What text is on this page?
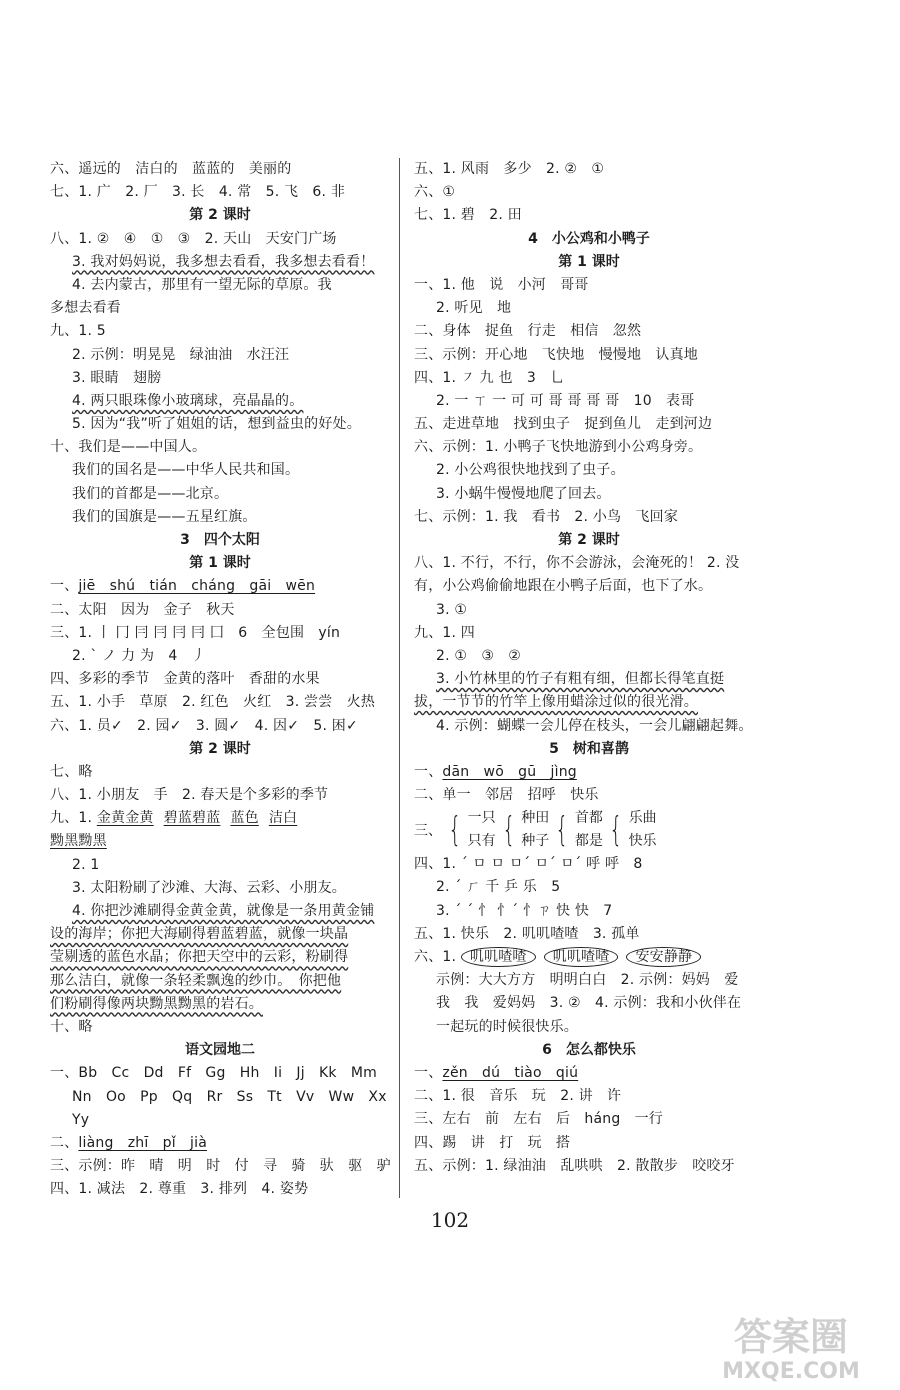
六、遥远的　洁白的　蓝蓝的　美丽的
七、1. 广　2. 厂　3. 长　4. 常　5. 飞　6. 非
第 2 课时
八、1. ②　④　①　③　2. 天山　天安门广场
3. 我对妈妈说，我多想去看看，我多想去看看！
4. 去内蒙古，那里有一望无际的草原。我
多想去看看
九、1. 5
2. 示例：明晃晃　绿油油　水汪汪
3. 眼睛　翅膀
4. 两只眼珠像小玻璃球，亮晶晶的。
5. 因为“我”听了姐姐的话，想到益虫的好处。
十、我们是——中国人。
我们的国名是——中华人民共和国。
我们的首都是——北京。
我们的国旗是——五星红旗。
3　四个太阳
第 1 课时
一、jiē　shú　tián　cháng　gāi　wēn
二、太阳　因为　金子　秋天
三、1. 丨 冂 冃 冃 冃 冃 囗　6　全包围　yín
2. ˋ ノ 力 为　4　丿
四、多彩的季节　金黄的落叶　香甜的水果
五、1. 小手　草原　2. 红色　火红　3. 尝尝　火热
六、1. 员✓　2. 园✓　3. 圆✓　4. 因✓　5. 困✓
第 2 课时
七、略
八、1. 小朋友　手　2. 春天是个多彩的季节
九、1. 金黄金黄 碧蓝碧蓝 蓝色 洁白
黝黑黝黑
2. 1
3. 太阳粉刷了沙滩、大海、云彩、小朋友。
4. 你把沙滩刷得金黄金黄，就像是一条用黄金铺
设的海岸；你把大海刷得碧蓝碧蓝，就像一块晶
莹剔透的蓝色水晶；你把天空中的云彩，粉刷得
那么洁白，就像一条轻柔飘逸的纱巾。　你把他
们粉刷得像两块黝黑黝黑的岩石。
十、略
语文园地二
一、Bb　Cc　Dd　Ff　Gg　Hh　Ii　Jj　Kk　Mm
Nn　Oo　Pp　Qq　Rr　Ss　Tt　Vv　Ww　Xx
Yy
二、liàng　zhī　pǐ　jià
三、示例：昨　晴　明　时　付　寻　骑　驮　驱　驴
四、1. 减法　2. 尊重　3. 排列　4. 姿势
五、1. 风雨　多少　2. ②　①
六、①
七、1. 碧　2. 田
4　小公鸡和小鸭子
第 1 课时
一、1. 他　说　小河　哥哥
2. 听见　地
二、身体　捉鱼　行走　相信　忽然
三、示例：开心地　飞快地　慢慢地　认真地
四、1. ㇇ 九 也　3　乚
2. 一 ㄒ 一 可 可 哥 哥 哥 哥　10　表哥
五、走进草地　找到虫子　捉到鱼儿　走到河边
六、示例：1. 小鸭子飞快地游到小公鸡身旁。
2. 小公鸡很快地找到了虫子。
3. 小蜗牛慢慢地爬了回去。
七、示例：1. 我　看书　2. 小鸟　飞回家
第 2 课时
八、1. 不行，不行，你不会游泳，会淹死的！ 2. 没
有，小公鸡偷偷地跟在小鸭子后面，也下了水。
3. ①
九、1. 四
2. ①　③　②
3. 小竹林里的竹子有粗有细，但都长得笔直挺
拔，一节节的竹竿上像用蜡涂过似的很光滑。
4. 示例：蝴蝶一会儿停在枝头，一会儿翩翩起舞。
5　树和喜鹊
一、dān　wō　gū　jìng
二、单一　邻居　招呼　快乐
三、 { 一只
只有 { 种田
种子 { 首都
都是 { 乐曲
快乐
四、1. ˊ ㅁ ㅁ ㅁˊ ㅁˊ ㅁˊ 呼 呼　8
2. ˊ ㄏ 千 乒 乐　5
3. ˊ ˊ 忄 忄ˊ 忄ㄗ 快 快　7
五、1. 快乐　2. 叽叽喳喳　3. 孤单
六、1. 叽叽喳喳 叽叽喳喳 安安静静
示例：大大方方　明明白白　2. 示例：妈妈　爱
我　我　爱妈妈　3. ②　4. 示例：我和小伙伴在
一起玩的时候很快乐。
6　怎么都快乐
一、zěn　dú　tiào　qiú
二、1. 很　音乐　玩　2. 讲　许
三、左右　前　左右　后　háng　一行
四、踢　讲　打　玩　搭
五、示例：1. 绿油油　乱哄哄　2. 散散步　咬咬牙
102
答案圈
MXQE.COM
